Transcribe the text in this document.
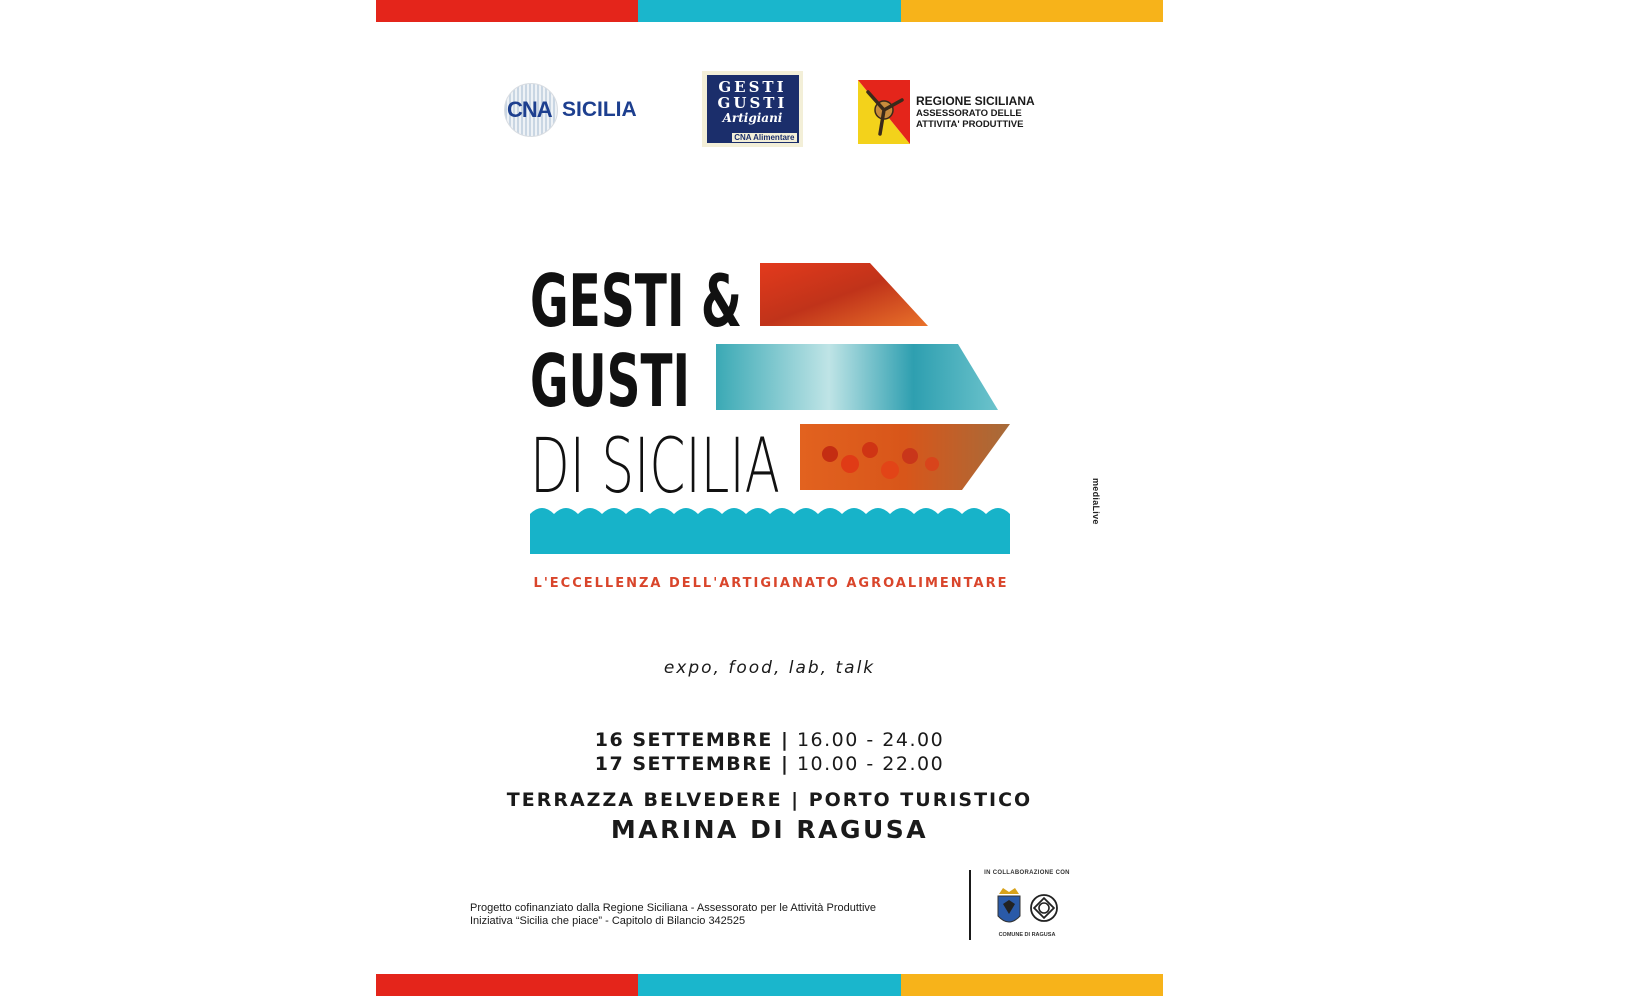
CNA SICILIA
GESTI
GUSTI
Artigiani
CNA Alimentare
REGIONE SICILIANA
ASSESSORATO DELLE
ATTIVITA' PRODUTTIVE
GESTI &
GUSTI
DI SICILIA
L'ECCELLENZA DELL'ARTIGIANATO AGROALIMENTARE
expo, food, lab, talk
16 SETTEMBRE | 16.00 - 24.00
17 SETTEMBRE | 10.00 - 22.00
TERRAZZA BELVEDERE | PORTO TURISTICO
MARINA DI RAGUSA
Progetto cofinanziato dalla Regione Siciliana - Assessorato per le Attività Produttive
Iniziativa “Sicilia che piace” - Capitolo di Bilancio 342525
IN COLLABORAZIONE CON
COMUNE DI RAGUSA
mediaLive
